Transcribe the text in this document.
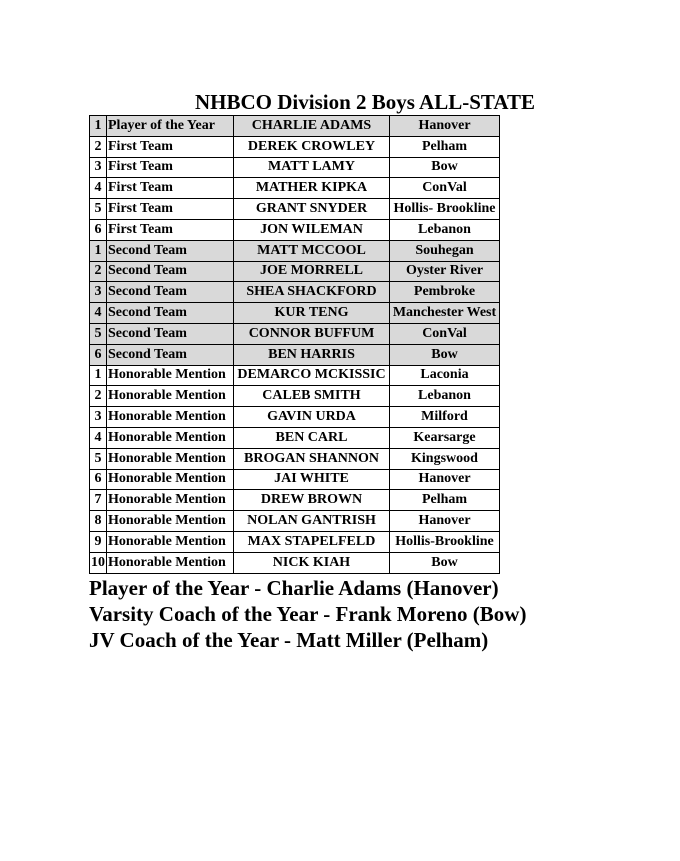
NHBCO Division 2 Boys ALL-STATE
1	Player of the Year	CHARLIE ADAMS	Hanover
2	First Team	DEREK CROWLEY	Pelham
3	First Team	MATT LAMY	Bow
4	First Team	MATHER KIPKA	ConVal
5	First Team	GRANT SNYDER	Hollis- Brookline
6	First Team	JON WILEMAN	Lebanon
1	Second Team	MATT MCCOOL	Souhegan
2	Second Team	JOE MORRELL	Oyster River
3	Second Team	SHEA SHACKFORD	Pembroke
4	Second Team	KUR TENG	Manchester West
5	Second Team	CONNOR BUFFUM	ConVal
6	Second Team	BEN HARRIS	Bow
1	Honorable Mention	DEMARCO MCKISSIC	Laconia
2	Honorable Mention	CALEB SMITH	Lebanon
3	Honorable Mention	GAVIN URDA	Milford
4	Honorable Mention	BEN CARL	Kearsarge
5	Honorable Mention	BROGAN SHANNON	Kingswood
6	Honorable Mention	JAI WHITE	Hanover
7	Honorable Mention	DREW BROWN	Pelham
8	Honorable Mention	NOLAN GANTRISH	Hanover
9	Honorable Mention	MAX STAPELFELD	Hollis-Brookline
10	Honorable Mention	NICK KIAH	Bow
Player of the Year - Charlie Adams (Hanover)
Varsity Coach of the Year - Frank Moreno (Bow)
JV Coach of the Year - Matt Miller (Pelham)
